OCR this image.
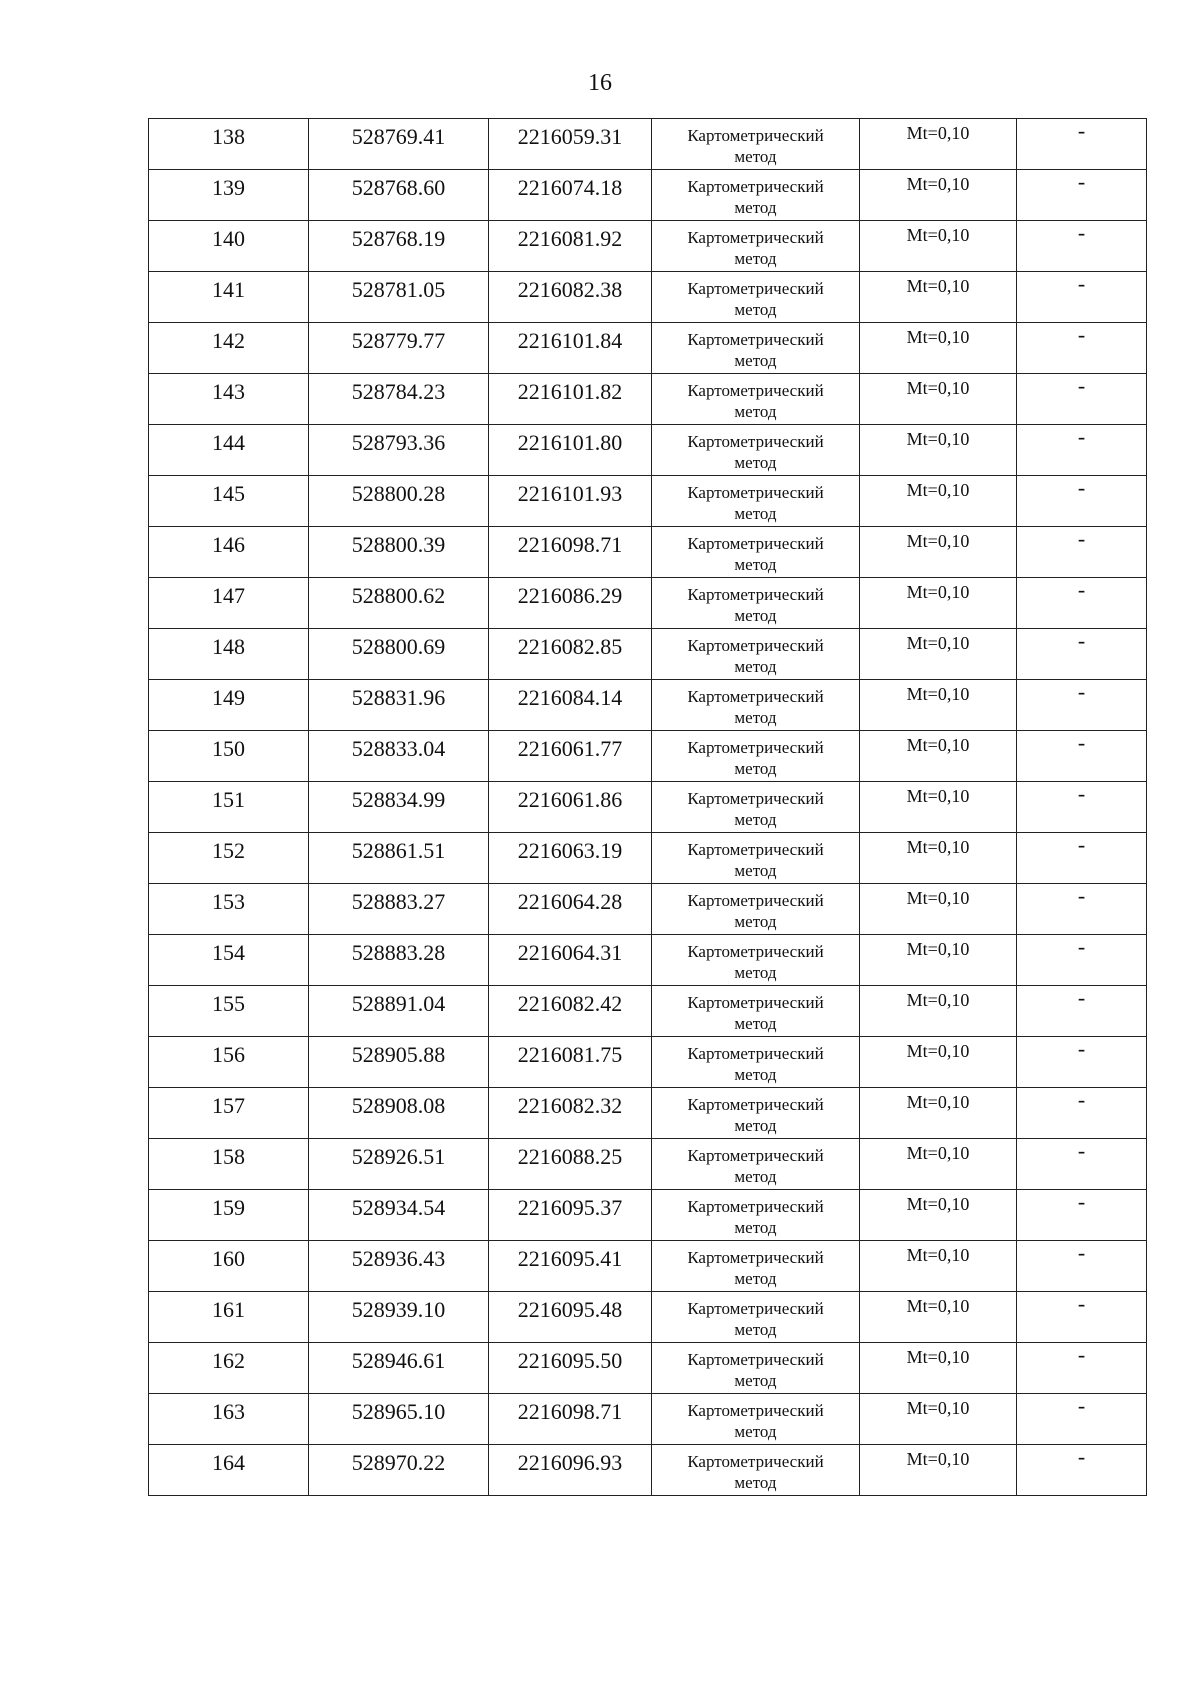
16
138	528769.41	2216059.31	Картометрический
метод	Mt=0,10	-

139	528768.60	2216074.18	Картометрический
метод	Mt=0,10	-

140	528768.19	2216081.92	Картометрический
метод	Mt=0,10	-

141	528781.05	2216082.38	Картометрический
метод	Mt=0,10	-

142	528779.77	2216101.84	Картометрический
метод	Mt=0,10	-

143	528784.23	2216101.82	Картометрический
метод	Mt=0,10	-

144	528793.36	2216101.80	Картометрический
метод	Mt=0,10	-

145	528800.28	2216101.93	Картометрический
метод	Mt=0,10	-

146	528800.39	2216098.71	Картометрический
метод	Mt=0,10	-

147	528800.62	2216086.29	Картометрический
метод	Mt=0,10	-

148	528800.69	2216082.85	Картометрический
метод	Mt=0,10	-

149	528831.96	2216084.14	Картометрический
метод	Mt=0,10	-

150	528833.04	2216061.77	Картометрический
метод	Mt=0,10	-

151	528834.99	2216061.86	Картометрический
метод	Mt=0,10	-

152	528861.51	2216063.19	Картометрический
метод	Mt=0,10	-

153	528883.27	2216064.28	Картометрический
метод	Mt=0,10	-

154	528883.28	2216064.31	Картометрический
метод	Mt=0,10	-

155	528891.04	2216082.42	Картометрический
метод	Mt=0,10	-

156	528905.88	2216081.75	Картометрический
метод	Mt=0,10	-

157	528908.08	2216082.32	Картометрический
метод	Mt=0,10	-

158	528926.51	2216088.25	Картометрический
метод	Mt=0,10	-

159	528934.54	2216095.37	Картометрический
метод	Mt=0,10	-

160	528936.43	2216095.41	Картометрический
метод	Mt=0,10	-

161	528939.10	2216095.48	Картометрический
метод	Mt=0,10	-

162	528946.61	2216095.50	Картометрический
метод	Mt=0,10	-

163	528965.10	2216098.71	Картометрический
метод	Mt=0,10	-

164	528970.22	2216096.93	Картометрический
метод	Mt=0,10	-
